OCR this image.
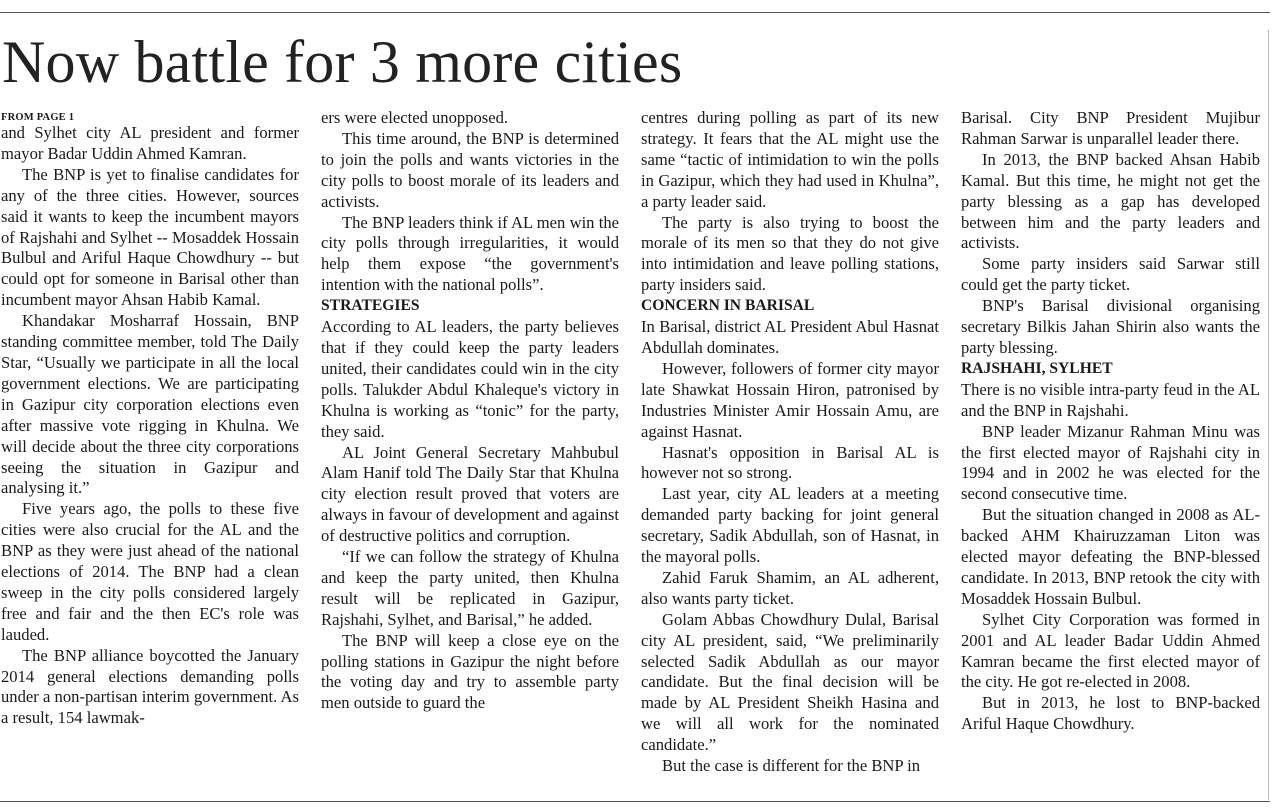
Now battle for 3 more cities
FROM PAGE 1

and Sylhet city AL president and former mayor Badar Uddin Ahmed Kamran.

The BNP is yet to finalise candidates for any of the three cities. However, sources said it wants to keep the incumbent mayors of Rajshahi and Sylhet -- Mosaddek Hossain Bulbul and Ariful Haque Chowdhury -- but could opt for someone in Barisal other than incumbent mayor Ahsan Habib Kamal.

Khandakar Mosharraf Hossain, BNP standing committee member, told The Daily Star, “Usually we participate in all the local government elections. We are participating in Gazipur city corporation elections even after massive vote rigging in Khulna. We will decide about the three city corporations seeing the situation in Gazipur and analysing it.”

Five years ago, the polls to these five cities were also crucial for the AL and the BNP as they were just ahead of the national elections of 2014. The BNP had a clean sweep in the city polls considered largely free and fair and the then EC's role was lauded.

The BNP alliance boycotted the January 2014 general elections demanding polls under a non-partisan interim government. As a result, 154 lawmak-

ers were elected unopposed.

This time around, the BNP is determined to join the polls and wants victories in the city polls to boost morale of its leaders and activists.

The BNP leaders think if AL men win the city polls through irregularities, it would help them expose “the government's intention with the national polls”.

STRATEGIES

According to AL leaders, the party believes that if they could keep the party leaders united, their candidates could win in the city polls. Talukder Abdul Khaleque's victory in Khulna is working as “tonic” for the party, they said.

AL Joint General Secretary Mahbubul Alam Hanif told The Daily Star that Khulna city election result proved that voters are always in favour of development and against of destructive politics and corruption.

“If we can follow the strategy of Khulna and keep the party united, then Khulna result will be replicated in Gazipur, Rajshahi, Sylhet, and Barisal,” he added.

The BNP will keep a close eye on the polling stations in Gazipur the night before the voting day and try to assemble party men outside to guard the

centres during polling as part of its new strategy. It fears that the AL might use the same “tactic of intimidation to win the polls in Gazipur, which they had used in Khulna”, a party leader said.

The party is also trying to boost the morale of its men so that they do not give into intimidation and leave polling stations, party insiders said.

CONCERN IN BARISAL

In Barisal, district AL President Abul Hasnat Abdullah dominates.

However, followers of former city mayor late Shawkat Hossain Hiron, patronised by Industries Minister Amir Hossain Amu, are against Hasnat.

Hasnat's opposition in Barisal AL is however not so strong.

Last year, city AL leaders at a meeting demanded party backing for joint general secretary, Sadik Abdullah, son of Hasnat, in the mayoral polls.

Zahid Faruk Shamim, an AL adherent, also wants party ticket.

Golam Abbas Chowdhury Dulal, Barisal city AL president, said, “We preliminarily selected Sadik Abdullah as our mayor candidate. But the final decision will be made by AL President Sheikh Hasina and we will all work for the nominated candidate.”

But the case is different for the BNP in

Barisal. City BNP President Mujibur Rahman Sarwar is unparallel leader there.

In 2013, the BNP backed Ahsan Habib Kamal. But this time, he might not get the party blessing as a gap has developed between him and the party leaders and activists.

Some party insiders said Sarwar still could get the party ticket.

BNP's Barisal divisional organising secretary Bilkis Jahan Shirin also wants the party blessing.

RAJSHAHI, SYLHET

There is no visible intra-party feud in the AL and the BNP in Rajshahi.

BNP leader Mizanur Rahman Minu was the first elected mayor of Rajshahi city in 1994 and in 2002 he was elected for the second consecutive time.

But the situation changed in 2008 as AL-backed AHM Khairuzzaman Liton was elected mayor defeating the BNP-blessed candidate. In 2013, BNP retook the city with Mosaddek Hossain Bulbul.

Sylhet City Corporation was formed in 2001 and AL leader Badar Uddin Ahmed Kamran became the first elected mayor of the city. He got re-elected in 2008.

But in 2013, he lost to BNP-backed Ariful Haque Chowdhury.
